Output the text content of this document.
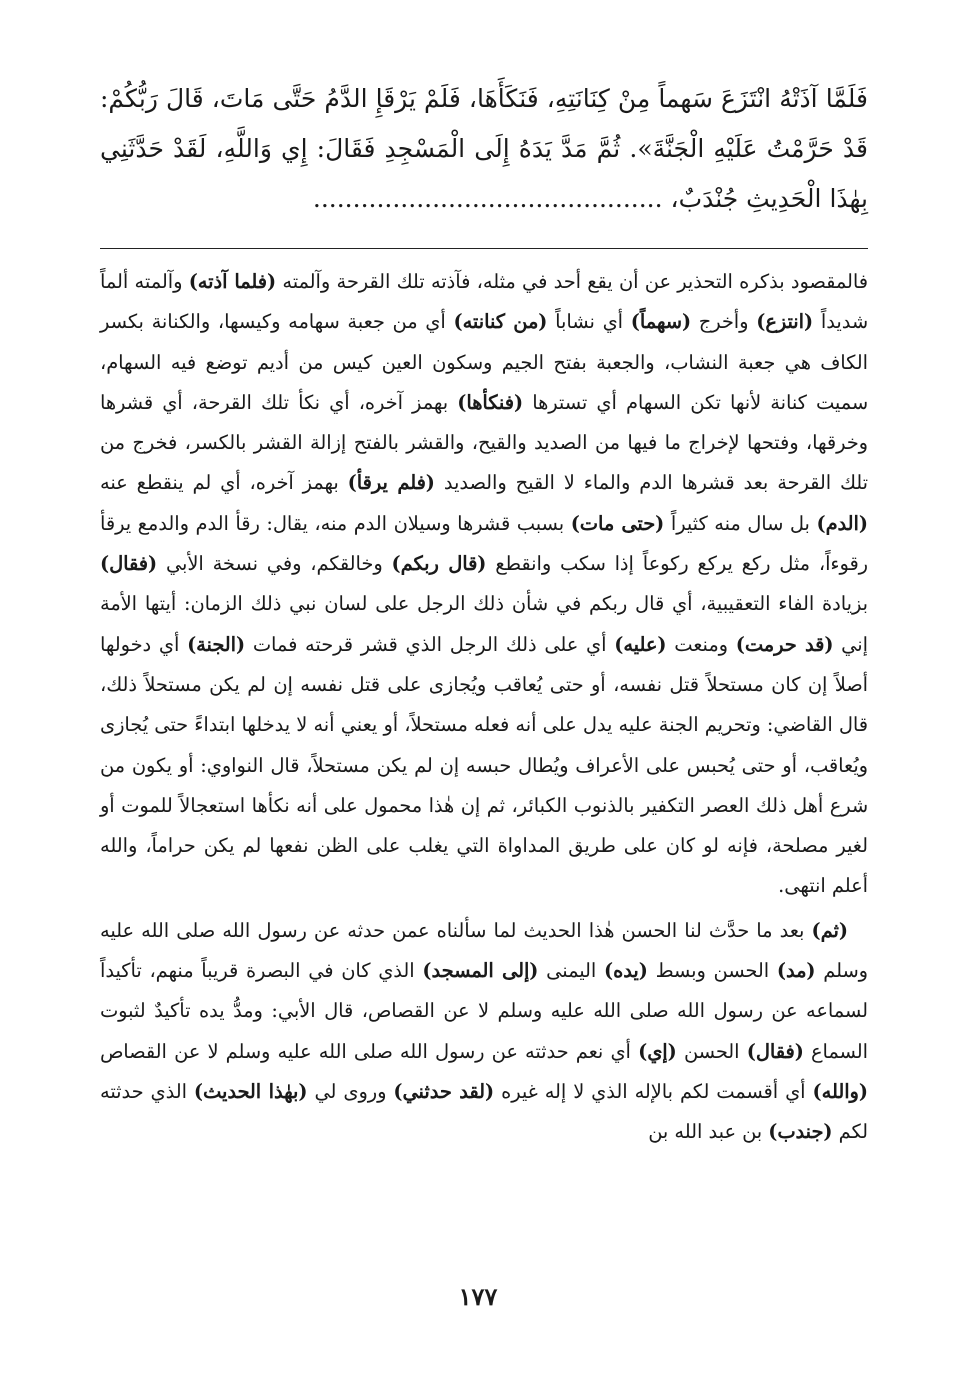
فَلَمَّا آذَتْهُ انْتَزَعَ سَهماً مِنْ كِنَانَتِهِ، فَنَكَأَهَا، فَلَمْ يَرْقَإِ الدَّمُ حَتَّى مَاتَ، قَالَ رَبُّكُمْ: قَدْ حَرَّمْتُ عَلَيْهِ الْجَنَّةَ». ثُمَّ مَدَّ يَدَهُ إِلَى الْمَسْجِدِ فَقَالَ: إِي وَاللَّهِ، لَقَدْ حَدَّثَنِي بِهٰذَا الْحَدِيثِ جُنْدَبٌ، ............................................

فالمقصود بذكره التحذير عن أن يقع أحد في مثله، فآذته تلك القرحة وآلمته (فلما آذته) وآلمته ألماً شديداً (انتزع) وأخرج (سهماً) أي نشاباً (من كنانته) أي من جعبة سهامه وكيسها، والكنانة بكسر الكاف هي جعبة النشاب، والجعبة بفتح الجيم وسكون العين كيس من أديم توضع فيه السهام، سميت كنانة لأنها تكن السهام أي تسترها (فنكأها) بهمز آخره، أي نكأ تلك القرحة، أي قشرها وخرقها، وفتحها لإخراج ما فيها من الصديد والقيح، والقشر بالفتح إزالة القشر بالكسر، فخرج من تلك القرحة بعد قشرها الدم والماء لا القيح والصديد (فلم يرقأ) بهمز آخره، أي لم ينقطع عنه (الدم) بل سال منه كثيراً (حتى مات) بسبب قشرها وسيلان الدم منه، يقال: رقأ الدم والدمع يرقأ رقوءاً، مثل ركع يركع ركوعاً إذا سكب وانقطع (قال ربكم) وخالقكم، وفي نسخة الأبي (فقال) بزيادة الفاء التعقيبية، أي قال ربكم في شأن ذلك الرجل على لسان نبي ذلك الزمان: أيتها الأمة إني (قد حرمت) ومنعت (عليه) أي على ذلك الرجل الذي قشر قرحته فمات (الجنة) أي دخولها أصلاً إن كان مستحلاً قتل نفسه، أو حتى يُعاقب ويُجازى على قتل نفسه إن لم يكن مستحلاً ذلك، قال القاضي: وتحريم الجنة عليه يدل على أنه فعله مستحلاً، أو يعني أنه لا يدخلها ابتداءً حتى يُجازى ويُعاقب، أو حتى يُحبس على الأعراف ويُطال حبسه إن لم يكن مستحلاً، قال النواوي: أو يكون من شرع أهل ذلك العصر التكفير بالذنوب الكبائر، ثم إن هٰذا محمول على أنه نكأها استعجالاً للموت أو لغير مصلحة، فإنه لو كان على طريق المداواة التي يغلب على الظن نفعها لم يكن حراماً، والله أعلم انتهى.

(ثم) بعد ما حدَّث لنا الحسن هٰذا الحديث لما سألناه عمن حدثه عن رسول الله صلى الله عليه وسلم (مد) الحسن وبسط (يده) اليمنى (إلى المسجد) الذي كان في البصرة قريباً منهم، تأكيداً لسماعه عن رسول الله صلى الله عليه وسلم لا عن القصاص، قال الأبي: ومدُّ يده تأكيدٌ لثبوت السماع (فقال) الحسن (إي) أي نعم حدثته عن رسول الله صلى الله عليه وسلم لا عن القصاص (والله) أي أقسمت لكم بالإله الذي لا إله غيره (لقد حدثني) وروى لي (بهٰذا الحديث) الذي حدثته لكم (جندب) بن عبد الله بن

١٧٧
